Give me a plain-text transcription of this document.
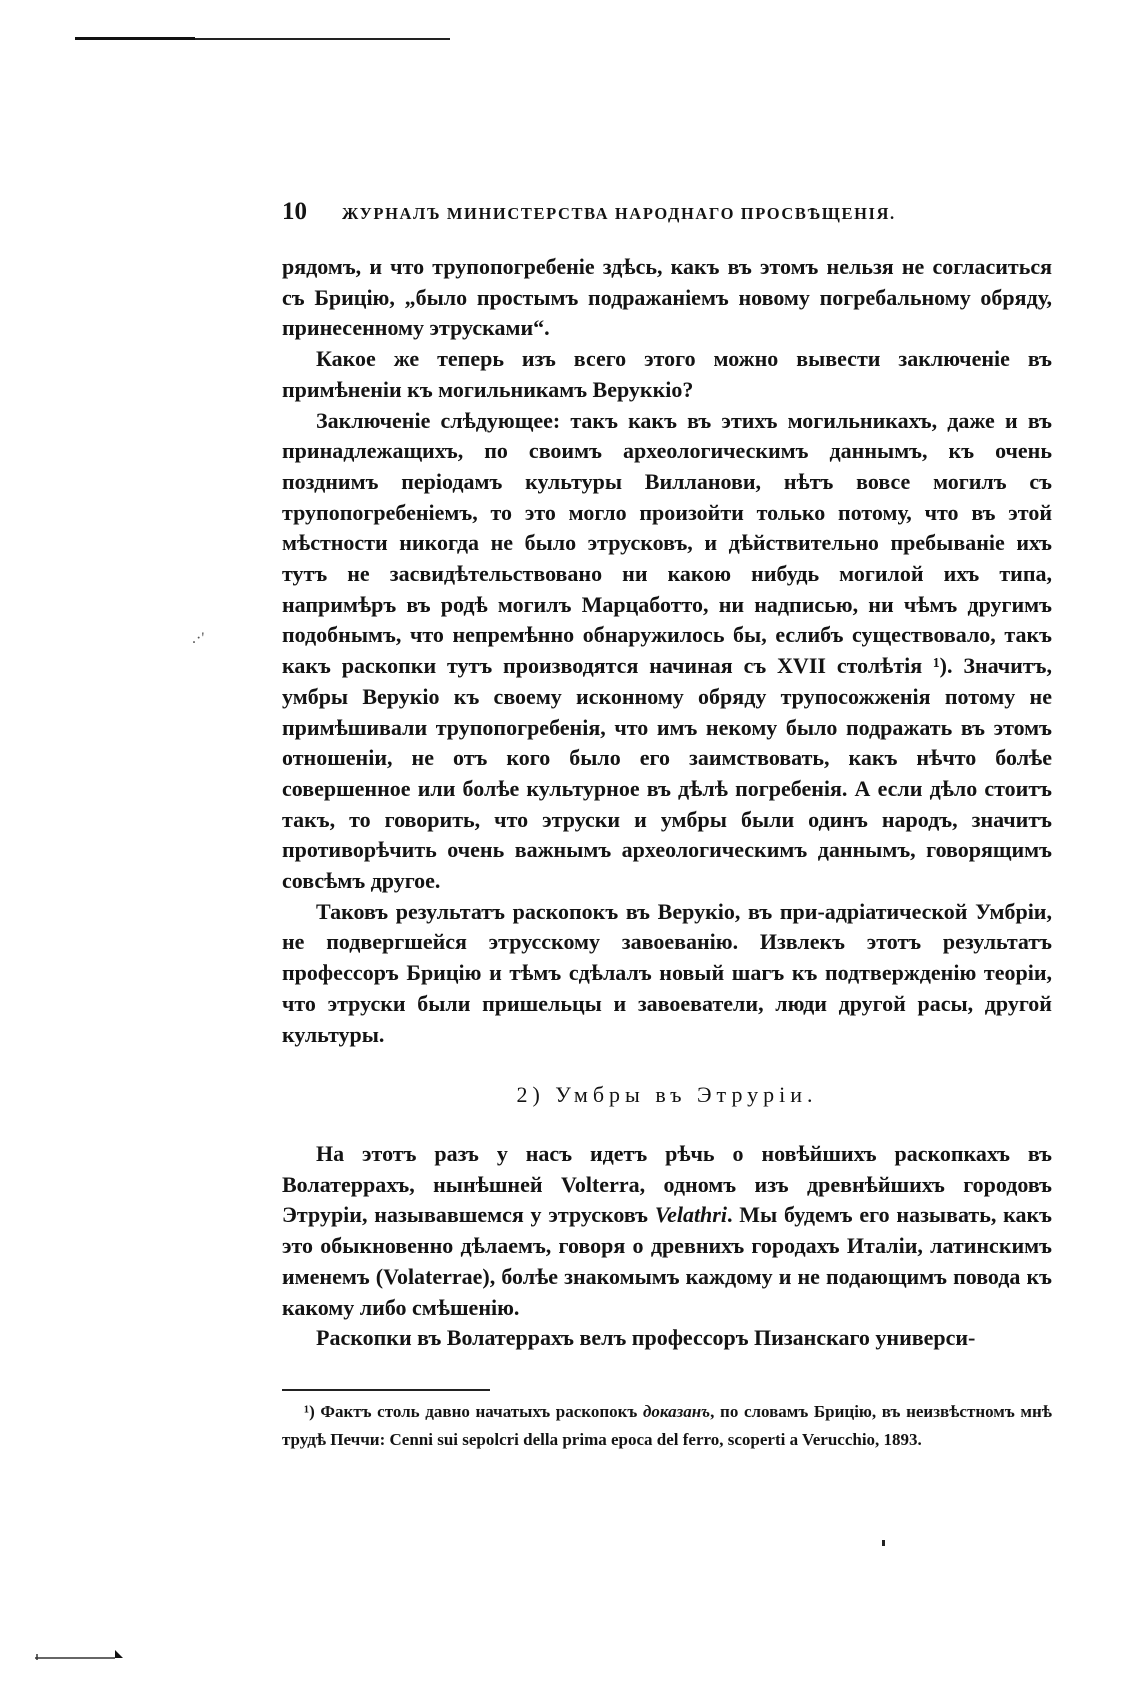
10	ЖУРНАЛЪ МИНИСТЕРСТВА НАРОДНАГО ПРОСВѢЩЕНІЯ.

рядомъ, и что трупопогребеніе здѣсь, какъ въ этомъ нельзя не согласиться съ Брицію, „было простымъ подражаніемъ новому погребальному обряду, принесенному этрусками“.

Какое же теперь изъ всего этого можно вывести заключеніе въ примѣненіи къ могильникамъ Веруккіо?

Заключеніе слѣдующее: такъ какъ въ этихъ могильникахъ, даже и въ принадлежащихъ, по своимъ археологическимъ даннымъ, къ очень позднимъ періодамъ культуры Вилланови, нѣтъ вовсе могилъ съ трупопогребеніемъ, то это могло произойти только потому, что въ этой мѣстности никогда не было этрусковъ, и дѣйствительно пребываніе ихъ тутъ не засвидѣтельствовано ни какою нибудь могилой ихъ типа, напримѣръ въ родѣ могилъ Марцаботто, ни надписью, ни чѣмъ другимъ подобнымъ, что непремѣнно обнаружилось бы, еслибъ существовало, такъ какъ раскопки тутъ производятся начиная съ XVII столѣтія ¹). Значитъ, умбры Верукіо къ своему исконному обряду трупосожженія потому не примѣшивали трупопогребенія, что имъ некому было подражать въ этомъ отношеніи, не отъ кого было его заимствовать, какъ нѣчто болѣе совершенное или болѣе культурное въ дѣлѣ погребенія. А если дѣло стоитъ такъ, то говорить, что этруски и умбры были одинъ народъ, значитъ противорѣчить очень важнымъ археологическимъ даннымъ, говорящимъ совсѣмъ другое.

Таковъ результатъ раскопокъ въ Верукіо, въ при-адріатической Умбріи, не подвергшейся этрусскому завоеванію. Извлекъ этотъ результатъ профессоръ Брицію и тѣмъ сдѣлалъ новый шагъ къ подтвержденію теоріи, что этруски были пришельцы и завоеватели, люди другой расы, другой культуры.

2) Умбры въ Этруріи.

На этотъ разъ у насъ идетъ рѣчь о новѣйшихъ раскопкахъ въ Волатеррахъ, нынѣшней Volterra, одномъ изъ древнѣйшихъ городовъ Этруріи, называвшемся у этрусковъ Velathri. Мы будемъ его называть, какъ это обыкновенно дѣлаемъ, говоря о древнихъ городахъ Италіи, латинскимъ именемъ (Volaterrae), болѣе знакомымъ каждому и не подающимъ повода къ какому либо смѣшенію.

Раскопки въ Волатеррахъ велъ профессоръ Пизанскаго универси-

¹) Фактъ столь давно начатыхъ раскопокъ доказанъ, по словамъ Брицію, въ неизвѣстномъ мнѣ трудѣ Печчи: Cenni sui sepolcri della prima epoca del ferro, scoperti a Verucchio, 1893.

.·'
